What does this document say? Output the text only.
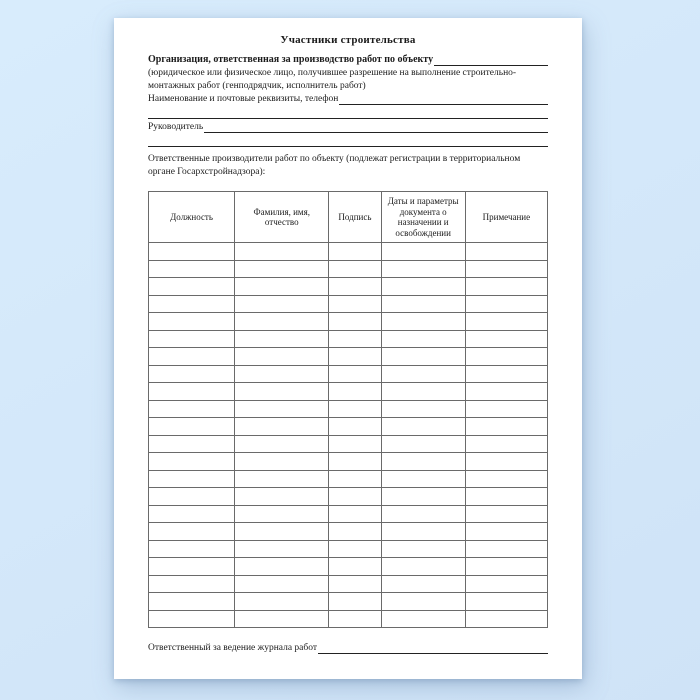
Участники строительства
Организация, ответственная за производство работ по объекту
(юридическое или физическое лицо, получившее разрешение на выполнение строительно-
монтажных работ (генподрядчик, исполнитель работ)
Наименование и почтовые реквизиты, телефон
Руководитель
Ответственные производители работ по объекту (подлежат регистрации в территориальном органе Госархстройнадзора):
Должность	Фамилия, имя, отчество	Подпись	Даты и параметры документа о назначении и освобождении	Примечание

Ответственный за ведение журнала работ
